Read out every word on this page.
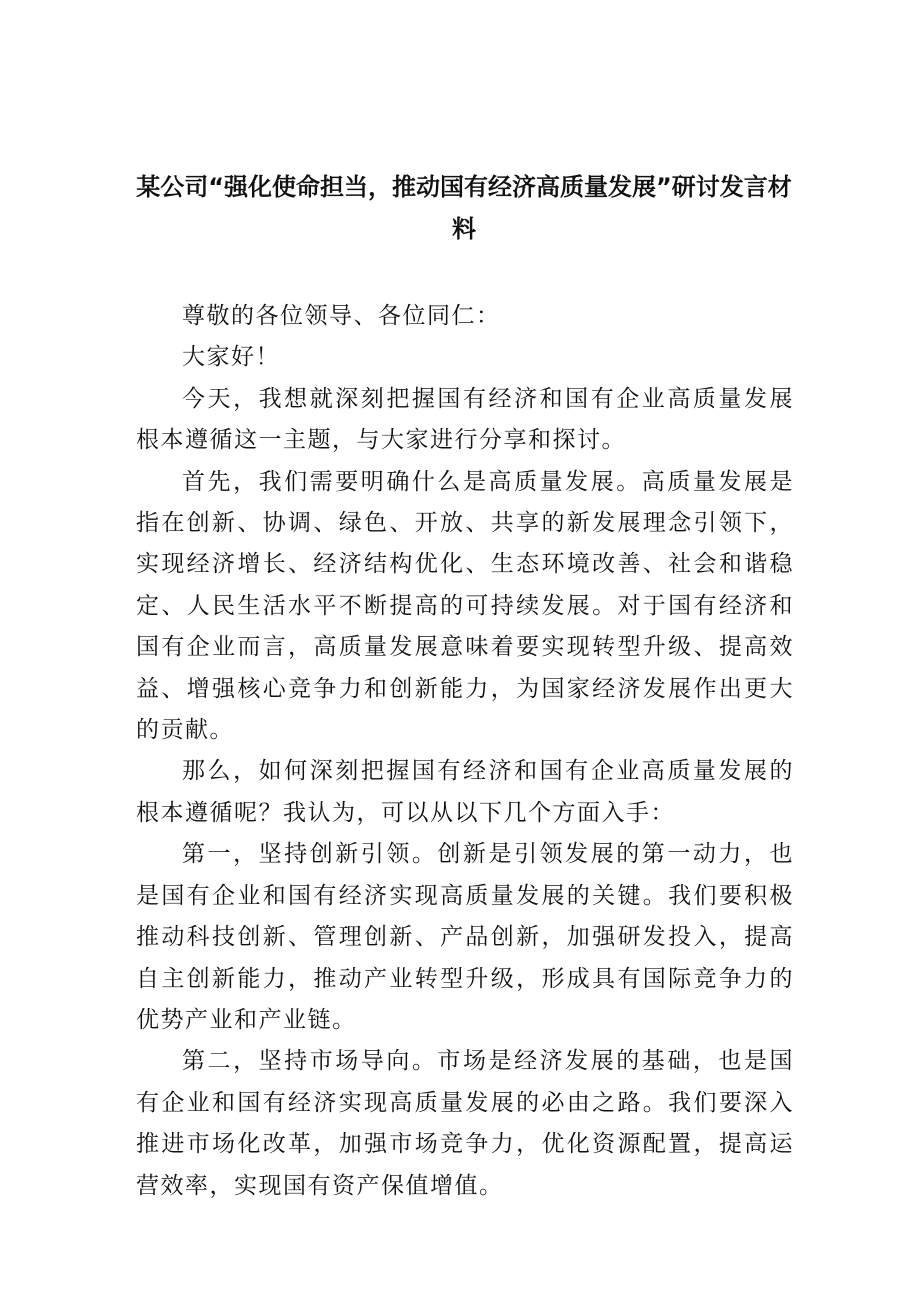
某公司“强化使命担当，推动国有经济高质量发展”研讨发言材料

尊敬的各位领导、各位同仁：

大家好！

今天，我想就深刻把握国有经济和国有企业高质量发展根本遵循这一主题，与大家进行分享和探讨。

首先，我们需要明确什么是高质量发展。高质量发展是指在创新、协调、绿色、开放、共享的新发展理念引领下，实现经济增长、经济结构优化、生态环境改善、社会和谐稳定、人民生活水平不断提高的可持续发展。对于国有经济和国有企业而言，高质量发展意味着要实现转型升级、提高效益、增强核心竞争力和创新能力，为国家经济发展作出更大的贡献。

那么，如何深刻把握国有经济和国有企业高质量发展的根本遵循呢？我认为，可以从以下几个方面入手：

第一，坚持创新引领。创新是引领发展的第一动力，也是国有企业和国有经济实现高质量发展的关键。我们要积极推动科技创新、管理创新、产品创新，加强研发投入，提高自主创新能力，推动产业转型升级，形成具有国际竞争力的优势产业和产业链。

第二，坚持市场导向。市场是经济发展的基础，也是国有企业和国有经济实现高质量发展的必由之路。我们要深入推进市场化改革，加强市场竞争力，优化资源配置，提高运营效率，实现国有资产保值增值。
